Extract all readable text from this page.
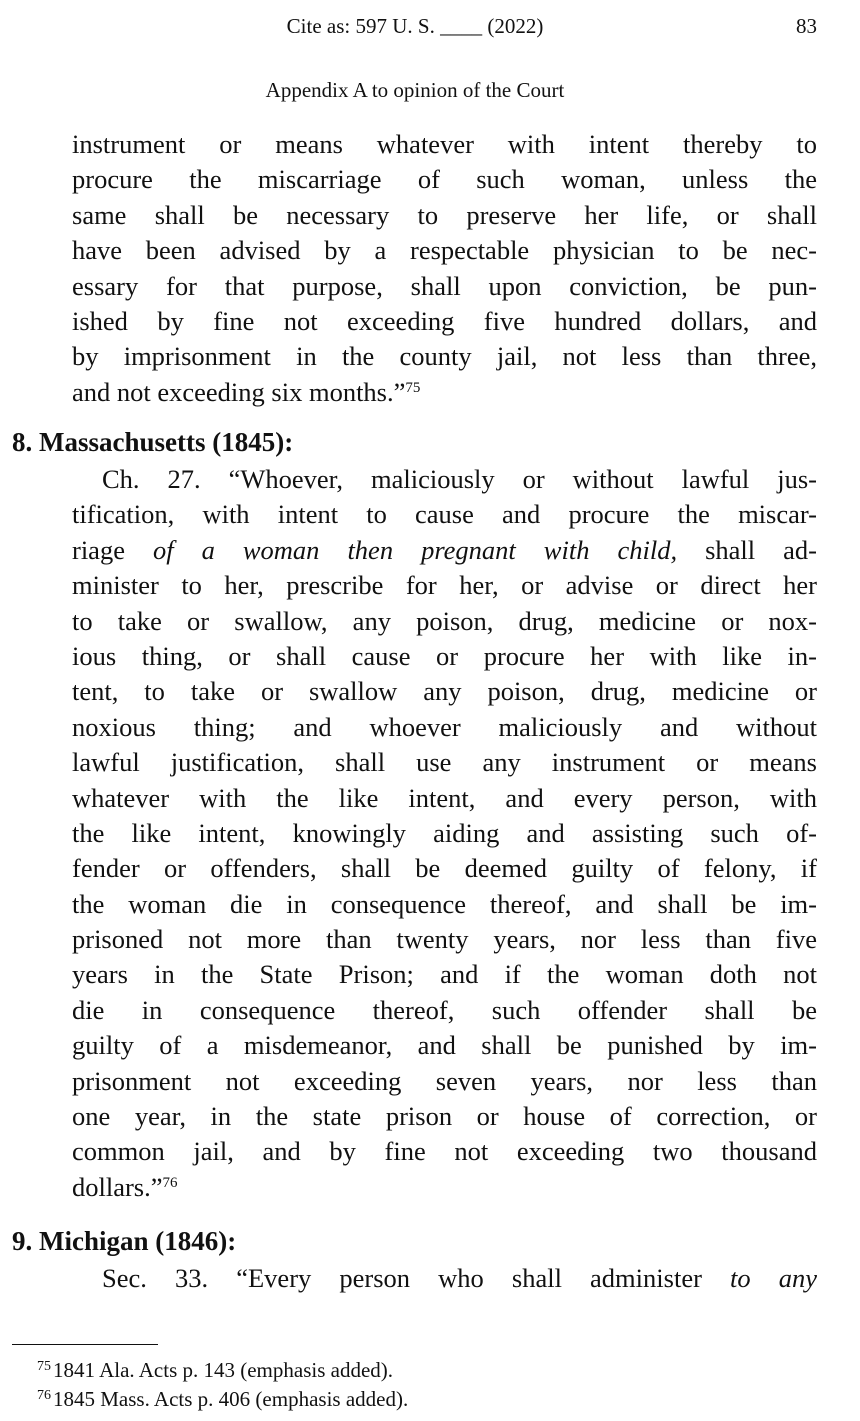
Cite as: 597 U. S. ____ (2022)	83
Appendix A to opinion of the Court
instrument or means whatever with intent thereby to
procure the miscarriage of such woman, unless the
same shall be necessary to preserve her life, or shall
have been advised by a respectable physician to be nec-
essary for that purpose, shall upon conviction, be pun-
ished by fine not exceeding five hundred dollars, and
by imprisonment in the county jail, not less than three,
and not exceeding six months.”$^{75}$
8. Massachusetts (1845):
Ch. 27. “Whoever, maliciously or without lawful jus-
tification, with intent to cause and procure the miscar-
riage of a woman then pregnant with child, shall ad-
minister to her, prescribe for her, or advise or direct her
to take or swallow, any poison, drug, medicine or nox-
ious thing, or shall cause or procure her with like in-
tent, to take or swallow any poison, drug, medicine or
noxious thing; and whoever maliciously and without
lawful justification, shall use any instrument or means
whatever with the like intent, and every person, with
the like intent, knowingly aiding and assisting such of-
fender or offenders, shall be deemed guilty of felony, if
the woman die in consequence thereof, and shall be im-
prisoned not more than twenty years, nor less than five
years in the State Prison; and if the woman doth not
die in consequence thereof, such offender shall be
guilty of a misdemeanor, and shall be punished by im-
prisonment not exceeding seven years, nor less than
one year, in the state prison or house of correction, or
common jail, and by fine not exceeding two thousand
dollars.”$^{76}$
9. Michigan (1846):
Sec. 33. “Every person who shall administer to any
$^{75}$1841 Ala. Acts p. 143 (emphasis added).
$^{76}$1845 Mass. Acts p. 406 (emphasis added).
